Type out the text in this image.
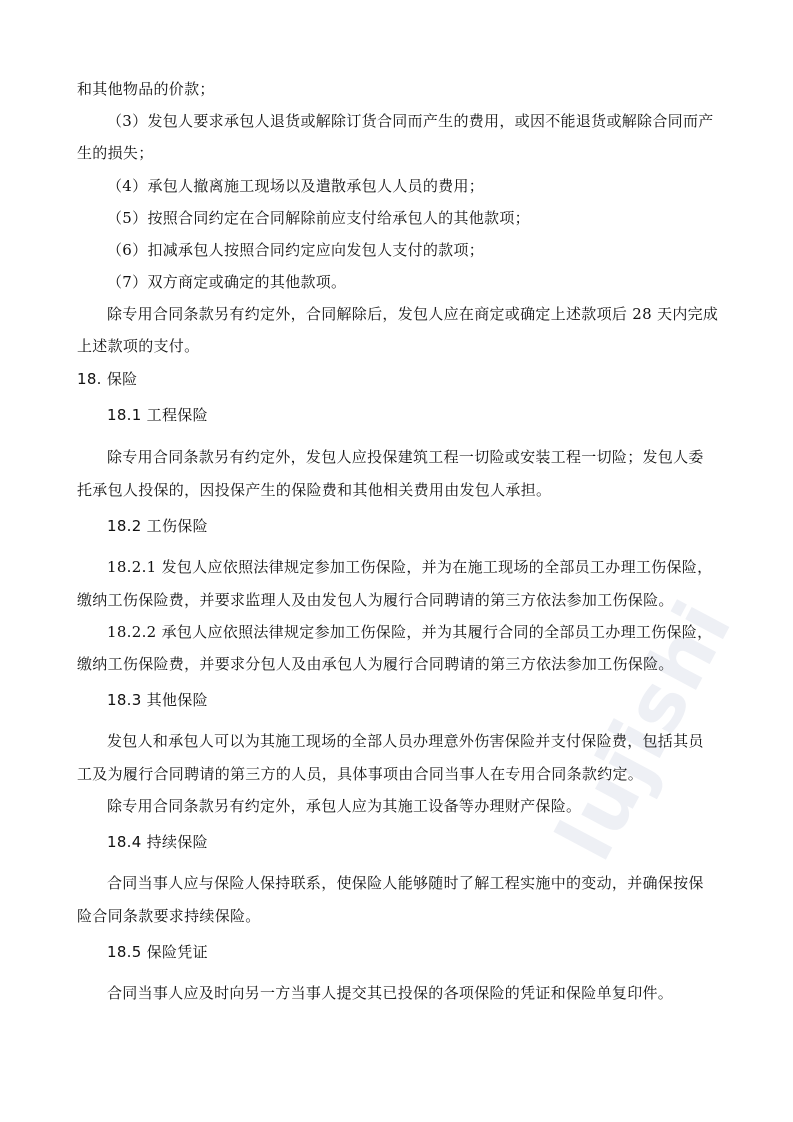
lujishi
和其他物品的价款；
（3）发包人要求承包人退货或解除订货合同而产生的费用，或因不能退货或解除合同而产
生的损失；
（4）承包人撤离施工现场以及遣散承包人人员的费用；
（5）按照合同约定在合同解除前应支付给承包人的其他款项；
（6）扣减承包人按照合同约定应向发包人支付的款项；
（7）双方商定或确定的其他款项。
除专用合同条款另有约定外，合同解除后，发包人应在商定或确定上述款项后 28 天内完成
上述款项的支付。
18. 保险
18.1 工程保险
除专用合同条款另有约定外，发包人应投保建筑工程一切险或安装工程一切险；发包人委
托承包人投保的，因投保产生的保险费和其他相关费用由发包人承担。
18.2 工伤保险
18.2.1 发包人应依照法律规定参加工伤保险，并为在施工现场的全部员工办理工伤保险，
缴纳工伤保险费，并要求监理人及由发包人为履行合同聘请的第三方依法参加工伤保险。
18.2.2 承包人应依照法律规定参加工伤保险，并为其履行合同的全部员工办理工伤保险，
缴纳工伤保险费，并要求分包人及由承包人为履行合同聘请的第三方依法参加工伤保险。
18.3 其他保险
发包人和承包人可以为其施工现场的全部人员办理意外伤害保险并支付保险费，包括其员
工及为履行合同聘请的第三方的人员，具体事项由合同当事人在专用合同条款约定。
除专用合同条款另有约定外，承包人应为其施工设备等办理财产保险。
18.4 持续保险
合同当事人应与保险人保持联系，使保险人能够随时了解工程实施中的变动，并确保按保
险合同条款要求持续保险。
18.5 保险凭证
合同当事人应及时向另一方当事人提交其已投保的各项保险的凭证和保险单复印件。
